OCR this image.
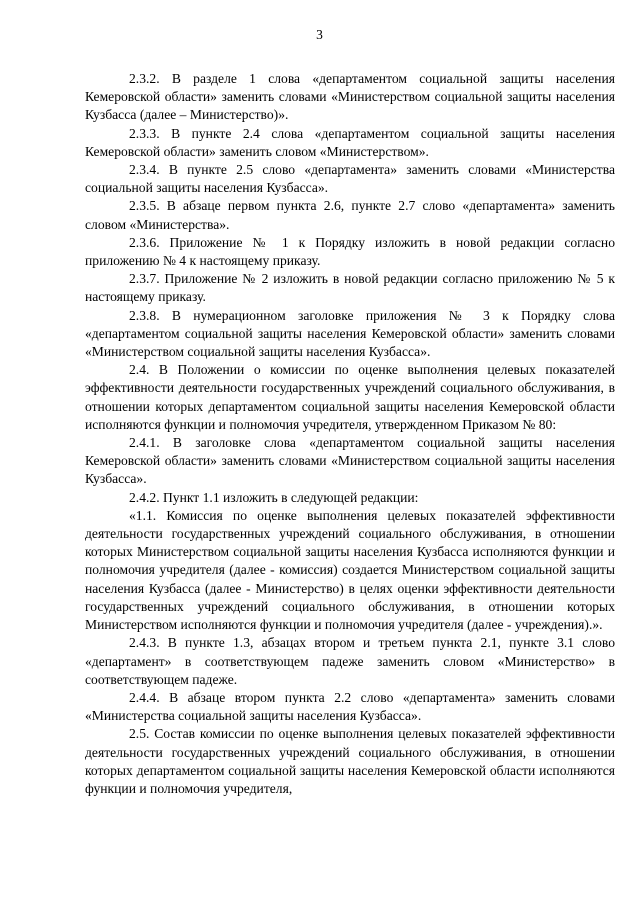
3

2.3.2. В разделе 1 слова «департаментом социальной защиты населения Кемеровской области» заменить словами «Министерством социальной защиты населения Кузбасса (далее – Министерство)».

2.3.3. В пункте 2.4 слова «департаментом социальной защиты населения Кемеровской области» заменить словом «Министерством».

2.3.4. В пункте 2.5 слово «департамента» заменить словами «Министерства социальной защиты населения Кузбасса».

2.3.5. В абзаце первом пункта 2.6, пункте 2.7 слово «департамента» заменить словом «Министерства».

2.3.6. Приложение № 1 к Порядку изложить в новой редакции согласно приложению № 4 к настоящему приказу.

2.3.7. Приложение № 2 изложить в новой редакции согласно приложению № 5 к настоящему приказу.

2.3.8. В нумерационном заголовке приложения № 3 к Порядку слова «департаментом социальной защиты населения Кемеровской области» заменить словами «Министерством социальной защиты населения Кузбасса».

2.4. В Положении о комиссии по оценке выполнения целевых показателей эффективности деятельности государственных учреждений социального обслуживания, в отношении которых департаментом социальной защиты населения Кемеровской области исполняются функции и полномочия учредителя, утвержденном Приказом № 80:

2.4.1. В заголовке слова «департаментом социальной защиты населения Кемеровской области» заменить словами «Министерством социальной защиты населения Кузбасса».

2.4.2. Пункт 1.1 изложить в следующей редакции:

«1.1. Комиссия по оценке выполнения целевых показателей эффективности деятельности государственных учреждений социального обслуживания, в отношении которых Министерством социальной защиты населения Кузбасса исполняются функции и полномочия учредителя (далее - комиссия) создается Министерством социальной защиты населения Кузбасса (далее - Министерство) в целях оценки эффективности деятельности государственных учреждений социального обслуживания, в отношении которых Министерством исполняются функции и полномочия учредителя (далее - учреждения).».

2.4.3. В пункте 1.3, абзацах втором и третьем пункта 2.1, пункте 3.1 слово «департамент» в соответствующем падеже заменить словом «Министерство» в соответствующем падеже.

2.4.4. В абзаце втором пункта 2.2 слово «департамента» заменить словами «Министерства социальной защиты населения Кузбасса».

2.5. Состав комиссии по оценке выполнения целевых показателей эффективности деятельности государственных учреждений социального обслуживания, в отношении которых департаментом социальной защиты населения Кемеровской области исполняются функции и полномочия учредителя,
